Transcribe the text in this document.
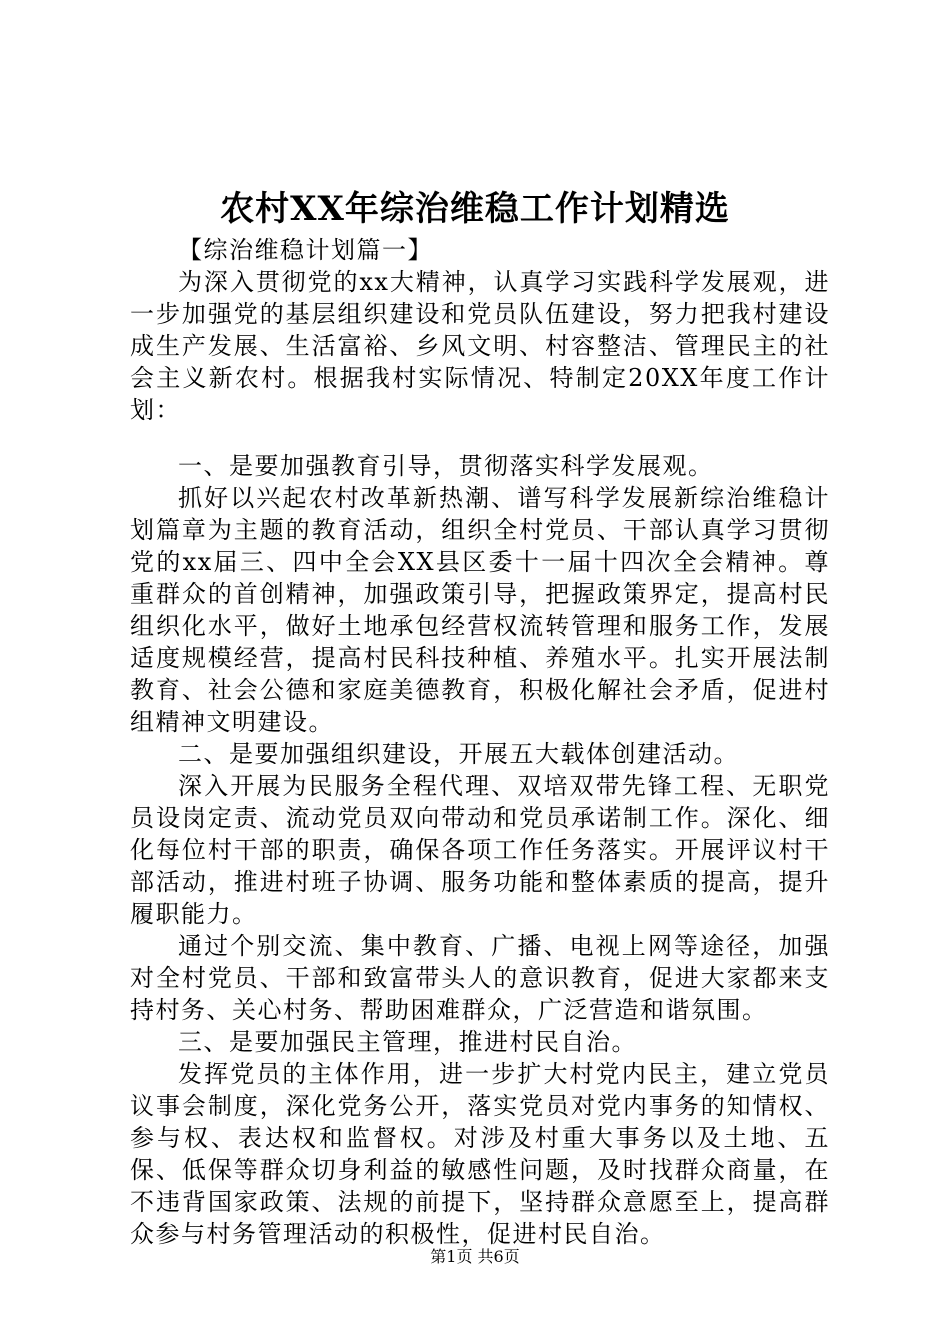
农村XX年综治维稳工作计划精选

【综治维稳计划篇一】

为深入贯彻党的xx大精神，认真学习实践科学发展观，进一步加强党的基层组织建设和党员队伍建设，努力把我村建设成生产发展、生活富裕、乡风文明、村容整洁、管理民主的社会主义新农村。根据我村实际情况、特制定20XX年度工作计划：

一、是要加强教育引导，贯彻落实科学发展观。

抓好以兴起农村改革新热潮、谱写科学发展新综治维稳计划篇章为主题的教育活动，组织全村党员、干部认真学习贯彻党的xx届三、四中全会XX县区委十一届十四次全会精神。尊重群众的首创精神，加强政策引导，把握政策界定，提高村民组织化水平，做好土地承包经营权流转管理和服务工作，发展适度规模经营，提高村民科技种植、养殖水平。扎实开展法制教育、社会公德和家庭美德教育，积极化解社会矛盾，促进村组精神文明建设。

二、是要加强组织建设，开展五大载体创建活动。

深入开展为民服务全程代理、双培双带先锋工程、无职党员设岗定责、流动党员双向带动和党员承诺制工作。深化、细化每位村干部的职责，确保各项工作任务落实。开展评议村干部活动，推进村班子协调、服务功能和整体素质的提高，提升履职能力。

通过个别交流、集中教育、广播、电视上网等途径，加强对全村党员、干部和致富带头人的意识教育，促进大家都来支持村务、关心村务、帮助困难群众，广泛营造和谐氛围。

三、是要加强民主管理，推进村民自治。

发挥党员的主体作用，进一步扩大村党内民主，建立党员议事会制度，深化党务公开，落实党员对党内事务的知情权、参与权、表达权和监督权。对涉及村重大事务以及土地、五保、低保等群众切身利益的敏感性问题，及时找群众商量，在不违背国家政策、法规的前提下，坚持群众意愿至上，提高群众参与村务管理活动的积极性，促进村民自治。

第1页 共6页
